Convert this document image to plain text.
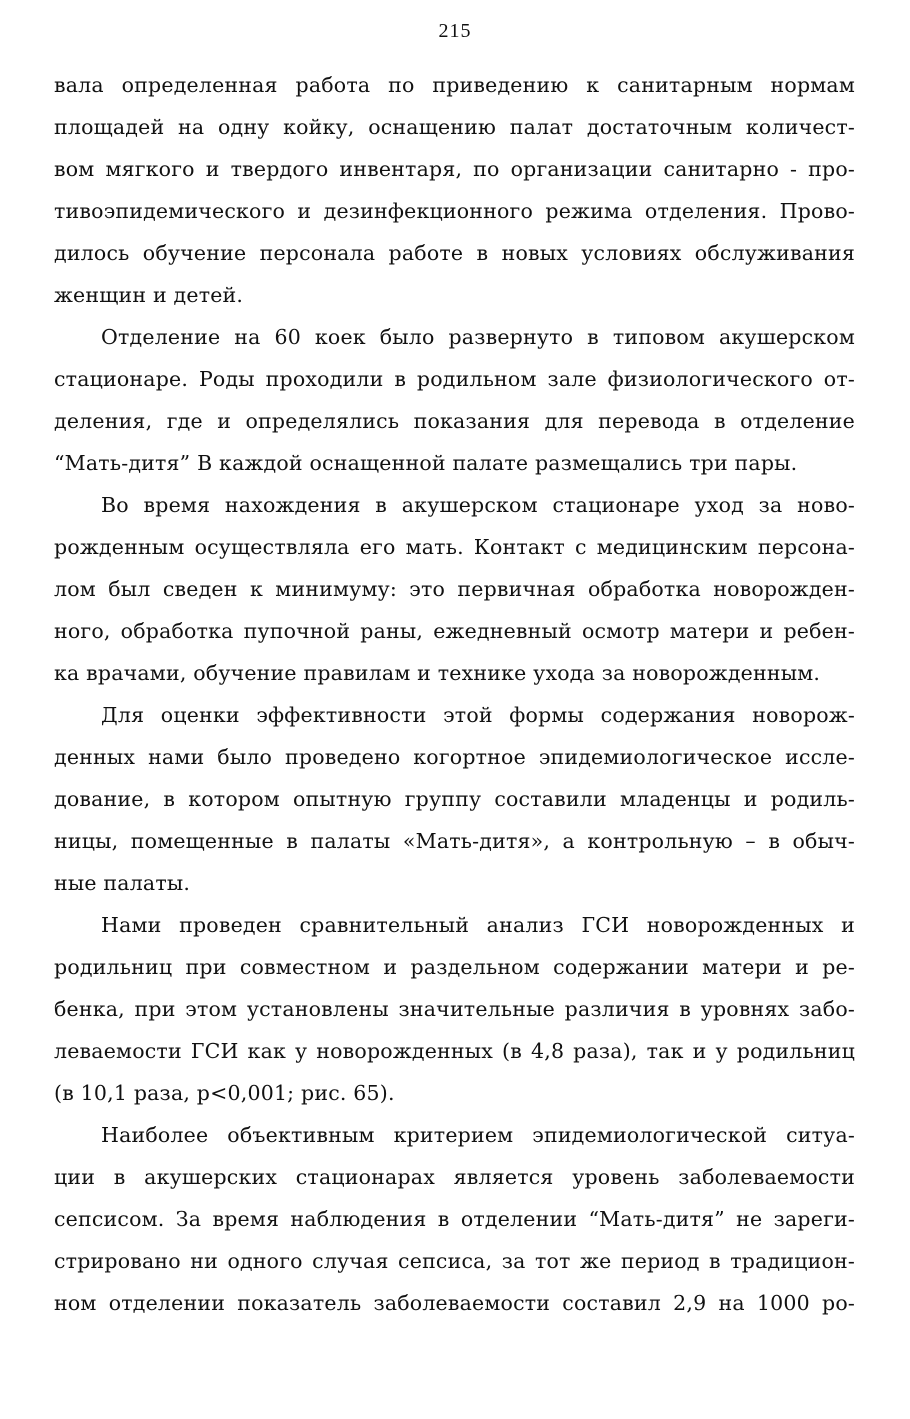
215
вала определенная работа по приведению к санитарным нормам
площадей на одну койку, оснащению палат достаточным количест-
вом мягкого и твердого инвентаря, по организации санитарно - про-
тивоэпидемического и дезинфекционного режима отделения. Прово-
дилось обучение персонала работе в новых условиях обслуживания
женщин и детей.
Отделение на 60 коек было развернуто в типовом акушерском
стационаре. Роды проходили в родильном зале физиологического от-
деления, где и определялись показания для перевода в отделение
“Мать-дитя” В каждой оснащенной палате размещались три пары.
Во время нахождения в акушерском стационаре уход за ново-
рожденным осуществляла его мать. Контакт с медицинским персона-
лом был сведен к минимуму: это первичная обработка новорожден-
ного, обработка пупочной раны, ежедневный осмотр матери и ребен-
ка врачами, обучение правилам и технике ухода за новорожденным.
Для оценки эффективности этой формы содержания новорож-
денных нами было проведено когортное эпидемиологическое иссле-
дование, в котором опытную группу составили младенцы и родиль-
ницы, помещенные в палаты «Мать-дитя», а контрольную – в обыч-
ные палаты.
Нами проведен сравнительный анализ ГСИ новорожденных и
родильниц при совместном и раздельном содержании матери и ре-
бенка, при этом установлены значительные различия в уровнях забо-
леваемости ГСИ как у новорожденных (в 4,8 раза), так и у родильниц
(в 10,1 раза, p<0,001; рис. 65).
Наиболее объективным критерием эпидемиологической ситуа-
ции в акушерских стационарах является уровень заболеваемости
сепсисом. За время наблюдения в отделении “Мать-дитя” не зареги-
стрировано ни одного случая сепсиса, за тот же период в традицион-
ном отделении показатель заболеваемости составил 2,9 на 1000 ро-
